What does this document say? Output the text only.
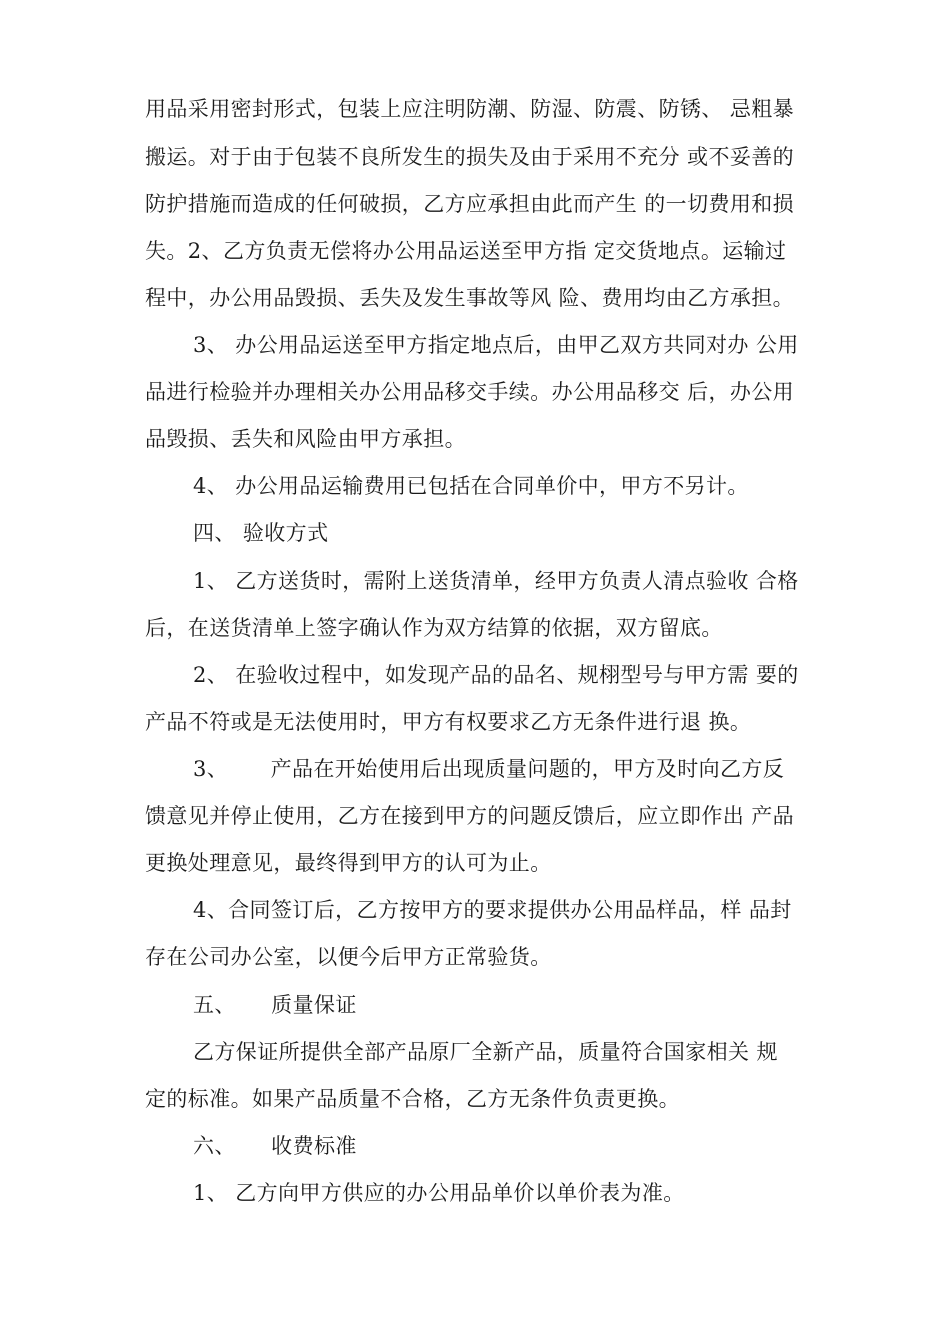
用品采用密封形式，包装上应注明防潮、防湿、防震、防锈、 忌粗暴
搬运。对于由于包装不良所发生的损失及由于采用不充分 或不妥善的
防护措施而造成的任何破损，乙方应承担由此而产生 的一切费用和损
失。2、乙方负责无偿将办公用品运送至甲方指 定交货地点。运输过
程中，办公用品毁损、丢失及发生事故等风 险、费用均由乙方承担。
3、 办公用品运送至甲方指定地点后，由甲乙双方共同对办 公用
品进行检验并办理相关办公用品移交手续。办公用品移交 后，办公用
品毁损、丢失和风险由甲方承担。
4、 办公用品运输费用已包括在合同单价中，甲方不另计。
四、 验收方式
1、 乙方送货时，需附上送货清单，经甲方负责人清点验收 合格
后，在送货清单上签字确认作为双方结算的依据，双方留底。
2、 在验收过程中，如发现产品的品名、规栩型号与甲方需 要的
产品不符或是无法使用时，甲方有权要求乙方无条件进行退 换。
3、      产品在开始使用后出现质量问题的，甲方及时向乙方反
馈意见并停止使用，乙方在接到甲方的问题反馈后，应立即作出 产品
更换处理意见，最终得到甲方的认可为止。
4、合同签订后，乙方按甲方的要求提供办公用品样品，样 品封
存在公司办公室，以便今后甲方正常验货。
五、     质量保证
乙方保证所提供全部产品原厂全新产品，质量符合国家相关 规
定的标准。如果产品质量不合格，乙方无条件负责更换。
六、     收费标准
1、 乙方向甲方供应的办公用品单价以单价表为准。
